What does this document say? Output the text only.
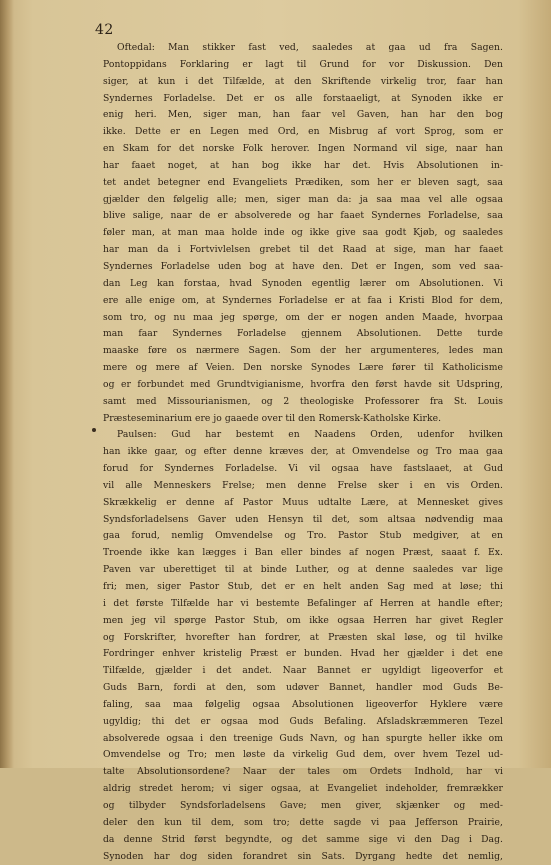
42
Oftedal: Man stikker fast ved, saaledes at gaa ud fra Sagen.
Pontoppidans Forklaring er lagt til Grund for vor Diskussion. Den
siger, at kun i det Tilfælde, at den Skriftende virkelig tror, faar han
Syndernes Forladelse. Det er os alle forstaaeligt, at Synoden ikke er
enig heri. Men, siger man, han faar vel Gaven, han har den bog
ikke. Dette er en Legen med Ord, en Misbrug af vort Sprog, som er
en Skam for det norske Folk herover. Ingen Normand vil sige, naar han
har faaet noget, at han bog ikke har det. Hvis Absolutionen in-
tet andet betegner end Evangeliets Prædiken, som her er bleven sagt, saa
gjælder den følgelig alle; men, siger man da: ja saa maa vel alle ogsaa
blive salige, naar de er absolverede og har faaet Syndernes Forladelse, saa
føler man, at man maa holde inde og ikke give saa godt Kjøb, og saaledes
har man da i Fortvivlelsen grebet til det Raad at sige, man har faaet
Syndernes Forladelse uden bog at have den. Det er Ingen, som ved saa-
dan Leg kan forstaa, hvad Synoden egentlig lærer om Absolutionen. Vi
ere alle enige om, at Syndernes Forladelse er at faa i Kristi Blod for dem,
som tro, og nu maa jeg spørge, om der er nogen anden Maade, hvorpaa
man faar Syndernes Forladelse gjennem Absolutionen. Dette turde
maaske føre os nærmere Sagen. Som der her argumenteres, ledes man
mere og mere af Veien. Den norske Synodes Lære fører til Katholicisme
og er forbundet med Grundtvigianisme, hvorfra den først havde sit Udspring,
samt med Missourianismen, og 2 theologiske Professorer fra St. Louis
Præsteseminarium ere jo gaaede over til den Romersk-Katholske Kirke.
Paulsen: Gud har bestemt en Naadens Orden, udenfor hvilken
han ikke gaar, og efter denne kræves der, at Omvendelse og Tro maa gaa
forud for Syndernes Forladelse. Vi vil ogsaa have fastslaaet, at Gud
vil alle Menneskers Frelse; men denne Frelse sker i en vis Orden.
Skrækkelig er denne af Pastor Muus udtalte Lære, at Mennesket gives
Syndsforladelsens Gaver uden Hensyn til det, som altsaa nødvendig maa
gaa forud, nemlig Omvendelse og Tro. Pastor Stub medgiver, at en
Troende ikke kan lægges i Ban eller bindes af nogen Præst, saaat f. Ex.
Paven var uberettiget til at binde Luther, og at denne saaledes var lige
fri; men, siger Pastor Stub, det er en helt anden Sag med at løse; thi
i det første Tilfælde har vi bestemte Befalinger af Herren at handle efter;
men jeg vil spørge Pastor Stub, om ikke ogsaa Herren har givet Regler
og Forskrifter, hvorefter han fordrer, at Præsten skal løse, og til hvilke
Fordringer enhver kristelig Præst er bunden. Hvad her gjælder i det ene
Tilfælde, gjælder i det andet. Naar Bannet er ugyldigt ligeoverfor et
Guds Barn, fordi at den, som udøver Bannet, handler mod Guds Be-
faling, saa maa følgelig ogsaa Absolutionen ligeoverfor Hyklere være
ugyldig; thi det er ogsaa mod Guds Befaling. Afsladskræmmeren Tezel
absolverede ogsaa i den treenige Guds Navn, og han spurgte heller ikke om
Omvendelse og Tro; men løste da virkelig Gud dem, over hvem Tezel ud-
talte Absolutionsordene? Naar der tales om Ordets Indhold, har vi
aldrig stredet herom; vi siger ogsaa, at Evangeliet indeholder, fremrækker
og tilbyder Syndsforladelsens Gave; men giver, skjænker og med-
deler den kun til dem, som tro; dette sagde vi paa Jefferson Prairie,
da denne Strid først begyndte, og det samme sige vi den Dag i Dag.
Synoden har dog siden forandret sin Sats. Dyrgang hedte det nemlig,
